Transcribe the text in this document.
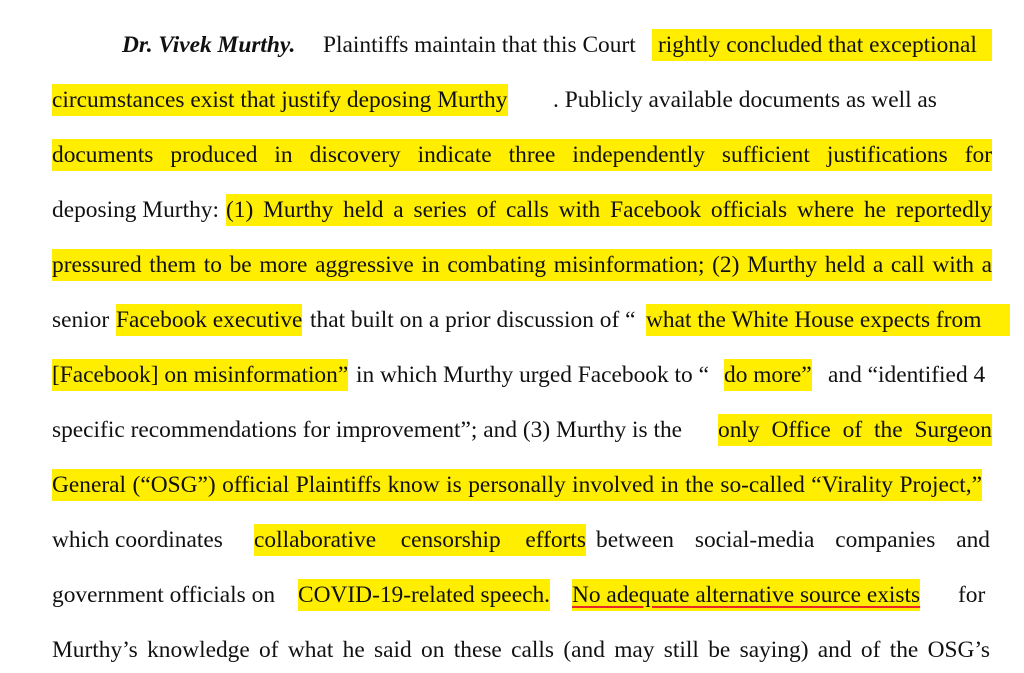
Dr. Vivek Murthy. Plaintiffs maintain that this Court rightly concluded that exceptional
circumstances exist that justify deposing Murthy . Publicly available documents as well as
documents produced in discovery indicate three independently sufficient justifications for
deposing Murthy: (1) Murthy held a series of calls with Facebook officials where he reportedly
pressured them to be more aggressive in combating misinformation; (2) Murthy held a call with a
senior Facebook executive that built on a prior discussion of “ what the White House expects from
[Facebook] on misinformation” in which Murthy urged Facebook to “ do more” and “identified 4
specific recommendations for improvement”; and (3) Murthy is the only Office of the Surgeon
General (“OSG”) official Plaintiffs know is personally involved in the so-called “Virality Project,”
which coordinates collaborative censorship efforts between social-media companies and
government officials on COVID-19-related speech. No adequate alternative source exists for
Murthy’s knowledge of what he said on these calls (and may still be saying) and of the OSG’s
